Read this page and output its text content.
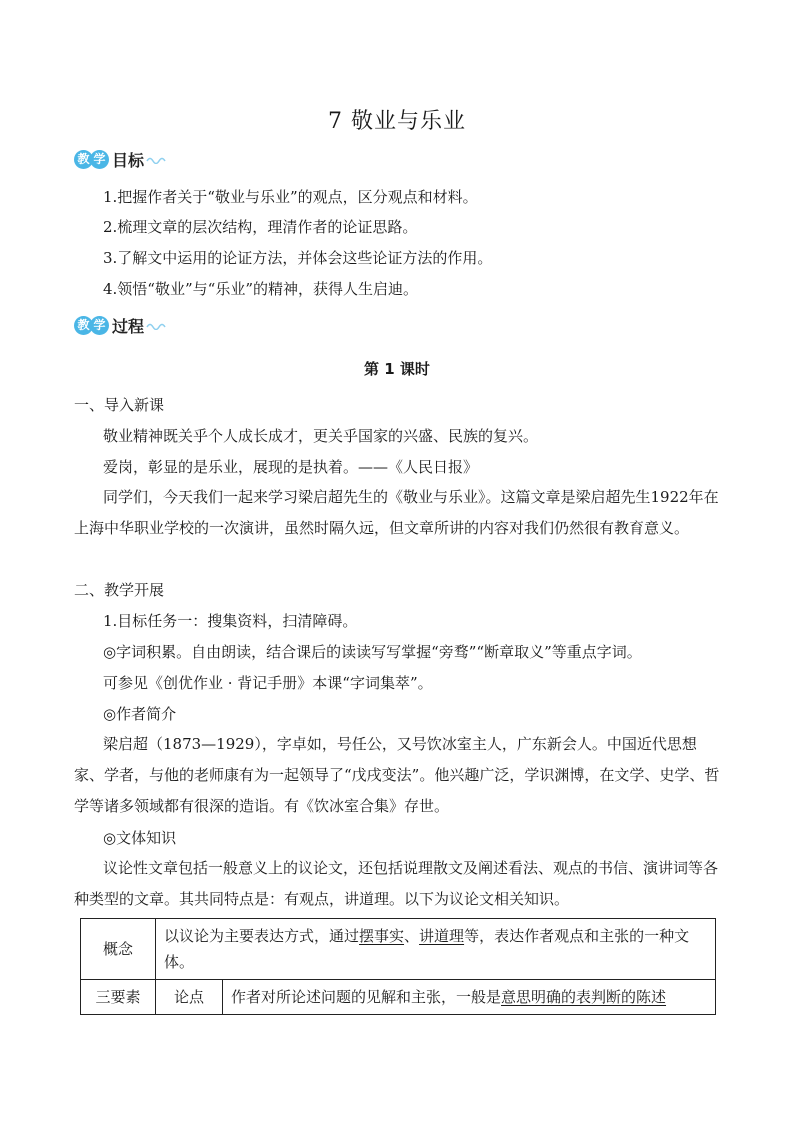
7 敬业与乐业
教 学 目标
1.把握作者关于“敬业与乐业”的观点，区分观点和材料。
2.梳理文章的层次结构，理清作者的论证思路。
3.了解文中运用的论证方法，并体会这些论证方法的作用。
4.领悟“敬业”与“乐业”的精神，获得人生启迪。
教 学 过程
第 1 课时
一、导入新课
敬业精神既关乎个人成长成才，更关乎国家的兴盛、民族的复兴。
爱岗，彰显的是乐业，展现的是执着。——《人民日报》
同学们，今天我们一起来学习梁启超先生的《敬业与乐业》。这篇文章是梁启超先生1922年在上海中华职业学校的一次演讲，虽然时隔久远，但文章所讲的内容对我们仍然很有教育意义。
二、教学开展
1.目标任务一：搜集资料，扫清障碍。
◎字词积累。自由朗读，结合课后的读读写写掌握“旁骛”“断章取义”等重点字词。
可参见《创优作业 · 背记手册》本课“字词集萃”。
◎作者简介
梁启超（1873—1929），字卓如，号任公，又号饮冰室主人，广东新会人。中国近代思想家、学者，与他的老师康有为一起领导了“戊戌变法”。他兴趣广泛，学识渊博，在文学、史学、哲学等诸多领域都有很深的造诣。有《饮冰室合集》存世。
◎文体知识
议论性文章包括一般意义上的议论文，还包括说理散文及阐述看法、观点的书信、演讲词等各种类型的文章。其共同特点是：有观点，讲道理。以下为议论文相关知识。
概念	以议论为主要表达方式，通过摆事实、讲道理等，表达作者观点和主张的一种文体。	
三要素	论点	作者对所论述问题的见解和主张，一般是意思明确的表判断的陈述
